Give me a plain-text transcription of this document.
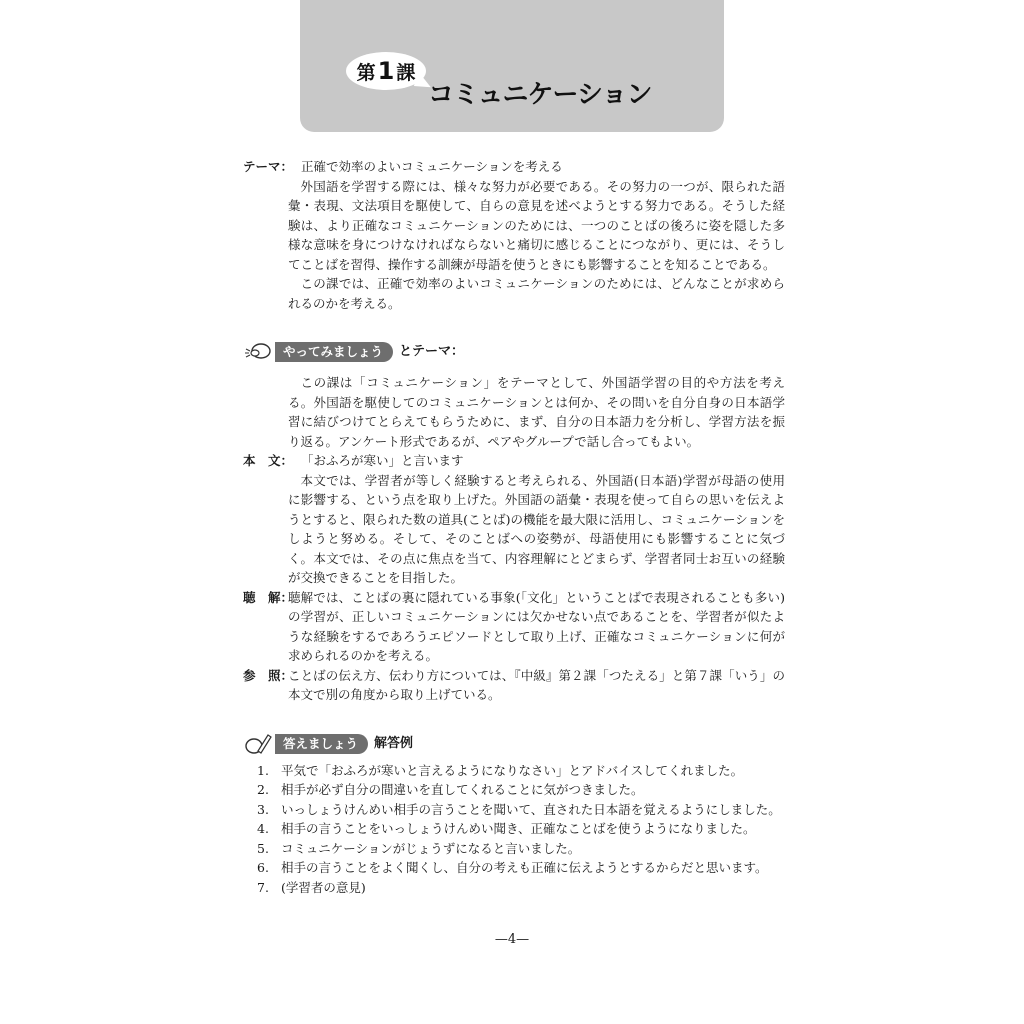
第 1 課
コミュニケーション
テーマ： 正確で効率のよいコミュニケーションを考える

外国語を学習する際には、様々な努力が必要である。その努力の一つが、限られた語彙・表現、文法項目を駆使して、自らの意見を述べようとする努力である。そうした経験は、より正確なコミュニケーションのためには、一つのことばの後ろに姿を隠した多様な意味を身につけなければならないと痛切に感じることにつながり、更には、そうしてことばを習得、操作する訓練が母語を使うときにも影響することを知ることである。

この課では、正確で効率のよいコミュニケーションのためには、どんなことが求められるのかを考える。

やってみましょう	とテーマ：

この課は「コミュニケーション」をテーマとして、外国語学習の目的や方法を考える。外国語を駆使してのコミュニケーションとは何か、その問いを自分自身の日本語学習に結びつけてとらえてもらうために、まず、自分の日本語力を分析し、学習方法を振り返る。アンケート形式であるが、ペアやグループで話し合ってもよい。

本　文： 「おふろが寒い」と言います

本文では、学習者が等しく経験すると考えられる、外国語(日本語)学習が母語の使用に影響する、という点を取り上げた。外国語の語彙・表現を使って自らの思いを伝えようとすると、限られた数の道具(ことば)の機能を最大限に活用し、コミュニケーションをしようと努める。そして、そのことばへの姿勢が、母語使用にも影響することに気づく。本文では、その点に焦点を当て、内容理解にとどまらず、学習者同士お互いの経験が交換できることを目指した。

聴　解：
聴解では、ことばの裏に隠れている事象(「文化」ということばで表現されることも多い)の学習が、正しいコミュニケーションには欠かせない点であることを、学習者が似たような経験をするであろうエピソードとして取り上げ、正確なコミュニケーションに何が求められるのかを考える。
参　照：
ことばの伝え方、伝わり方については、『中級』第２課「つたえる」と第７課「いう」の本文で別の角度から取り上げている。
答えましょう	解答例
1. 平気で「おふろが寒いと言えるようになりなさい」とアドバイスしてくれました。
2. 相手が必ず自分の間違いを直してくれることに気がつきました。
3. いっしょうけんめい相手の言うことを聞いて、直された日本語を覚えるようにしました。
4. 相手の言うことをいっしょうけんめい聞き、正確なことばを使うようになりました。
5. コミュニケーションがじょうずになると言いました。
6. 相手の言うことをよく聞くし、自分の考えも正確に伝えようとするからだと思います。
7. (学習者の意見)
—4—
